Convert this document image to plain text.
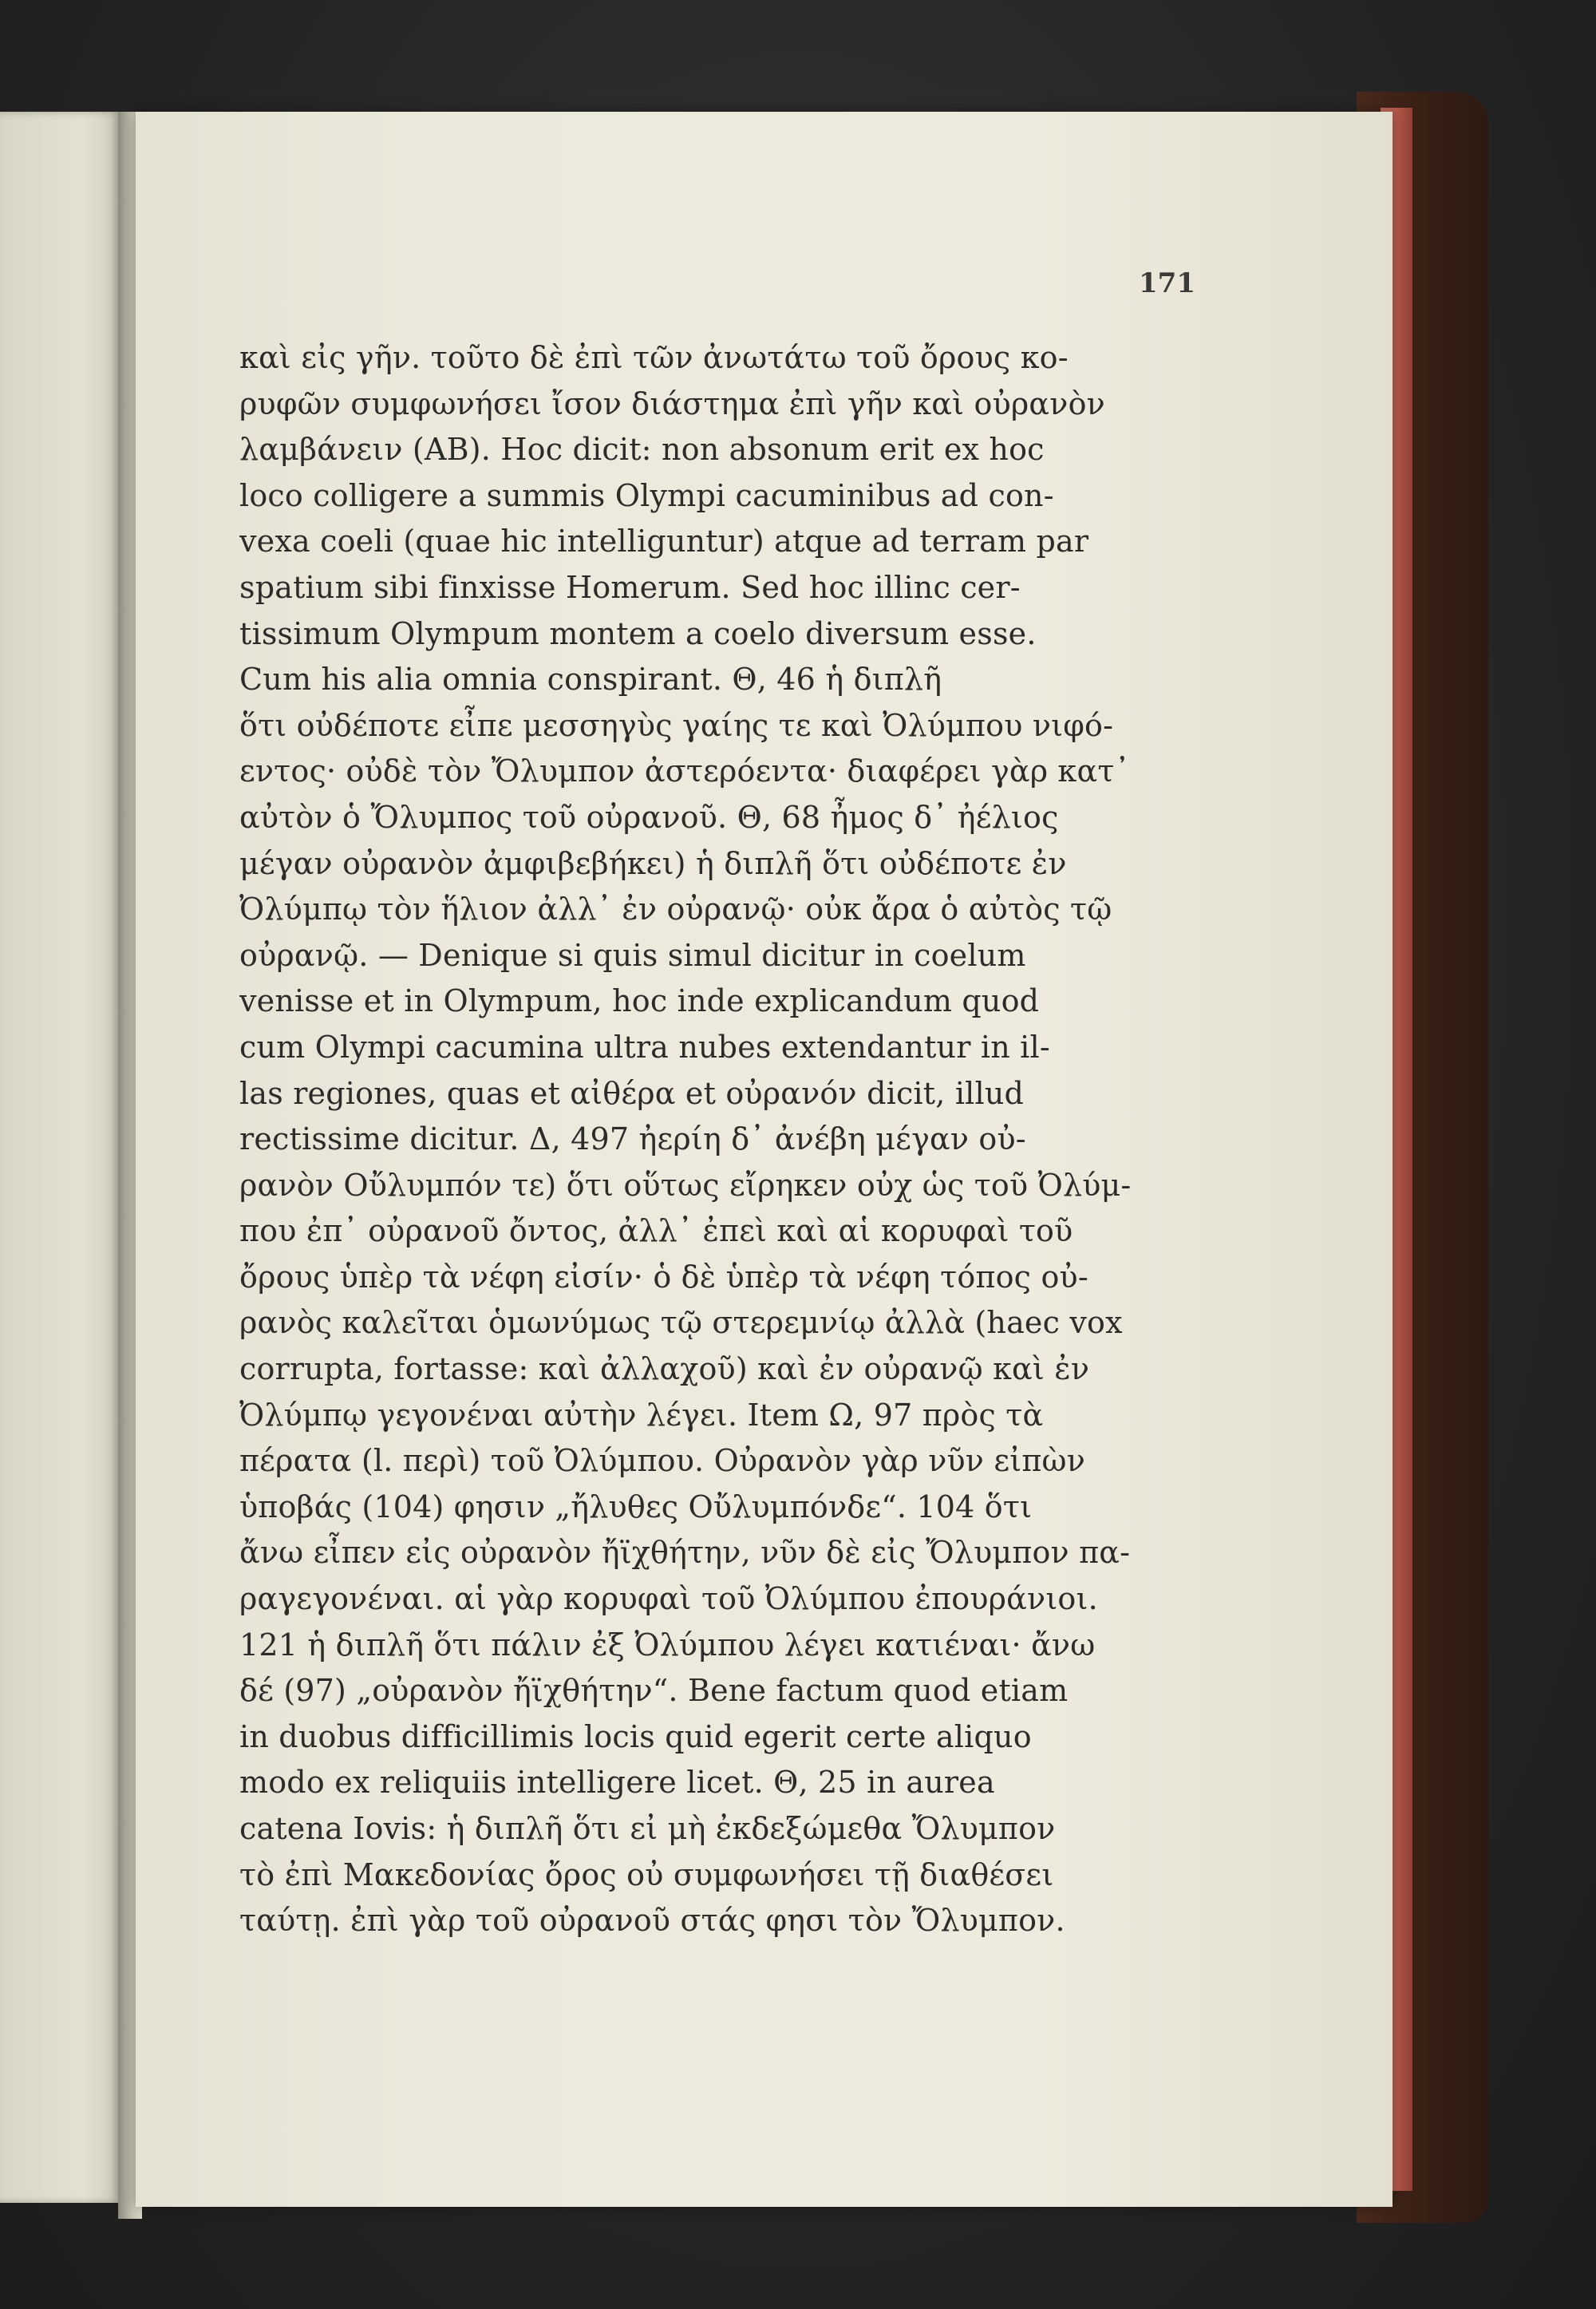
171
καὶ εἰς γῆν. τοῦτο δὲ ἐπὶ τῶν ἀνωτάτω τοῦ ὄρους κο-
ρυφῶν συμφωνήσει ἴσον διάστημα ἐπὶ γῆν καὶ οὐρανὸν
λαμβάνειν (AB). Hoc dicit: non absonum erit ex hoc
loco colligere a summis Olympi cacuminibus ad con-
vexa coeli (quae hic intelliguntur) atque ad terram par
spatium sibi finxisse Homerum. Sed hoc illinc cer-
tissimum Olympum montem a coelo diversum esse.
Cum his alia omnia conspirant. Θ, 46 ἡ διπλῆ
ὅτι οὐδέποτε εἶπε μεσσηγὺς γαίης τε καὶ Ὀλύμπου νιφό-
εντος· οὐδὲ τὸν Ὄλυμπον ἀστερόεντα· διαφέρει γὰρ κατ᾿
αὐτὸν ὁ Ὄλυμπος τοῦ οὐρανοῦ. Θ, 68 ἦμος δ᾿ ἠέλιος
μέγαν οὐρανὸν ἀμφιβεβήκει) ἡ διπλῆ ὅτι οὐδέποτε ἐν
Ὀλύμπῳ τὸν ἥλιον ἀλλ᾿ ἐν οὐρανῷ· οὐκ ἄρα ὁ αὐτὸς τῷ
οὐρανῷ. — Denique si quis simul dicitur in coelum
venisse et in Olympum, hoc inde explicandum quod
cum Olympi cacumina ultra nubes extendantur in il-
las regiones, quas et αἰθέρα et οὐρανόν dicit, illud
rectissime dicitur. Δ, 497 ἠερίη δ᾿ ἀνέβη μέγαν οὐ-
ρανὸν Οὔλυμπόν τε) ὅτι οὕτως εἴρηκεν οὐχ ὡς τοῦ Ὀλύμ-
που ἐπ᾿ οὐρανοῦ ὄντος, ἀλλ᾿ ἐπεὶ καὶ αἱ κορυφαὶ τοῦ
ὄρους ὑπὲρ τὰ νέφη εἰσίν· ὁ δὲ ὑπὲρ τὰ νέφη τόπος οὐ-
ρανὸς καλεῖται ὁμωνύμως τῷ στερεμνίῳ ἀλλὰ (haec vox
corrupta, fortasse: καὶ ἀλλαχοῦ) καὶ ἐν οὐρανῷ καὶ ἐν
Ὀλύμπῳ γεγονέναι αὐτὴν λέγει. Item Ω, 97 πρὸς τὰ
πέρατα (l. περὶ) τοῦ Ὀλύμπου. Οὐρανὸν γὰρ νῦν εἰπὼν
ὑποβάς (104) φησιν „ἤλυθες Οὔλυμπόνδε“. 104 ὅτι
ἄνω εἶπεν εἰς οὐρανὸν ἤϊχθήτην, νῦν δὲ εἰς Ὄλυμπον πα-
ραγεγονέναι. αἱ γὰρ κορυφαὶ τοῦ Ὀλύμπου ἐπουράνιοι.
121 ἡ διπλῆ ὅτι πάλιν ἐξ Ὀλύμπου λέγει κατιέναι· ἄνω
δέ (97) „οὐρανὸν ἤϊχθήτην“. Bene factum quod etiam
in duobus difficillimis locis quid egerit certe aliquo
modo ex reliquiis intelligere licet. Θ, 25 in aurea
catena Iovis: ἡ διπλῆ ὅτι εἰ μὴ ἐκδεξώμεθα Ὄλυμπον
τὸ ἐπὶ Μακεδονίας ὄρος οὐ συμφωνήσει τῇ διαθέσει
ταύτῃ. ἐπὶ γὰρ τοῦ οὐρανοῦ στάς φησι τὸν Ὄλυμπον.
